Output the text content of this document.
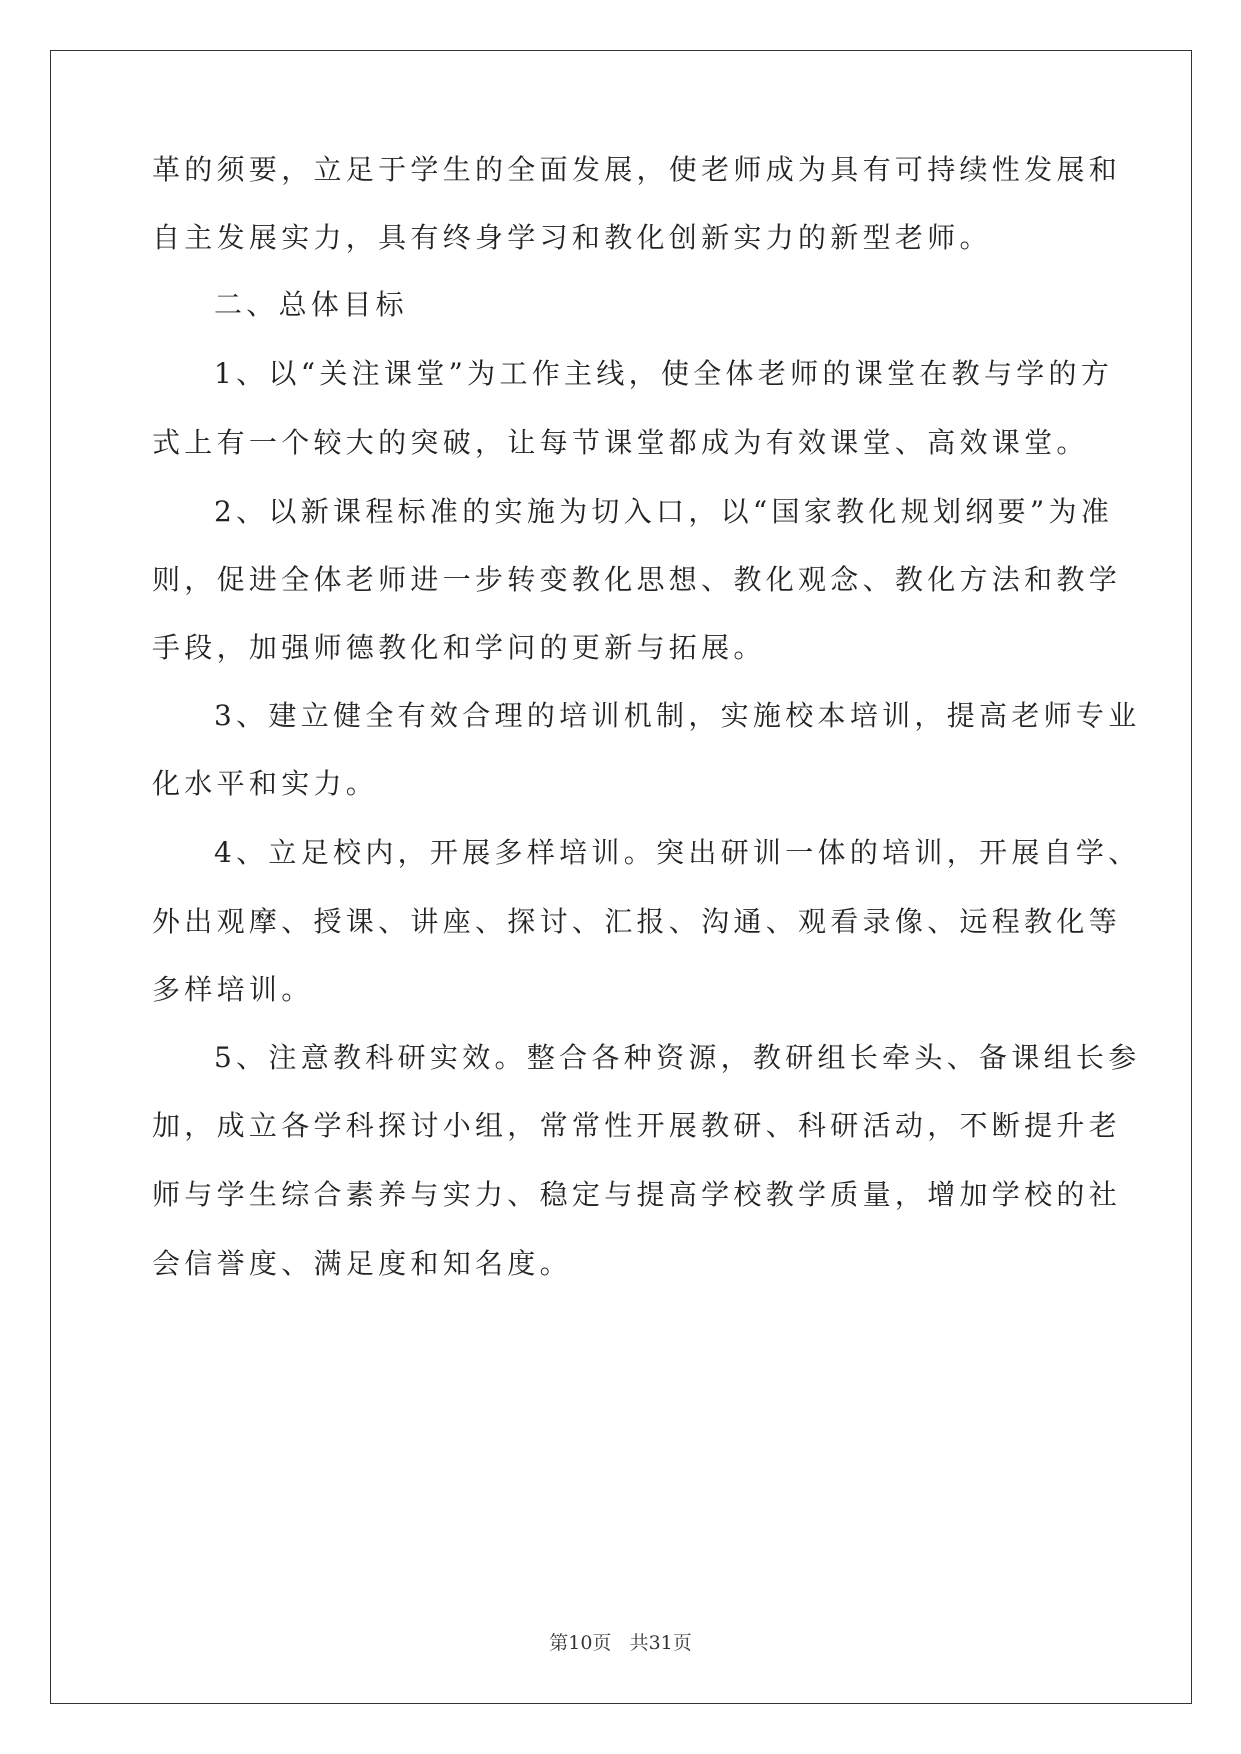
革的须要，立足于学生的全面发展，使老师成为具有可持续性发展和
自主发展实力，具有终身学习和教化创新实力的新型老师。
二、总体目标
1、以“关注课堂”为工作主线，使全体老师的课堂在教与学的方
式上有一个较大的突破，让每节课堂都成为有效课堂、高效课堂。
2、以新课程标准的实施为切入口，以“国家教化规划纲要”为准
则，促进全体老师进一步转变教化思想、教化观念、教化方法和教学
手段，加强师德教化和学问的更新与拓展。
3、建立健全有效合理的培训机制，实施校本培训，提高老师专业
化水平和实力。
4、立足校内，开展多样培训。突出研训一体的培训，开展自学、
外出观摩、授课、讲座、探讨、汇报、沟通、观看录像、远程教化等
多样培训。
5、注意教科研实效。整合各种资源，教研组长牵头、备课组长参
加，成立各学科探讨小组，常常性开展教研、科研活动，不断提升老
师与学生综合素养与实力、稳定与提高学校教学质量，增加学校的社
会信誉度、满足度和知名度。
第10页 共31页
